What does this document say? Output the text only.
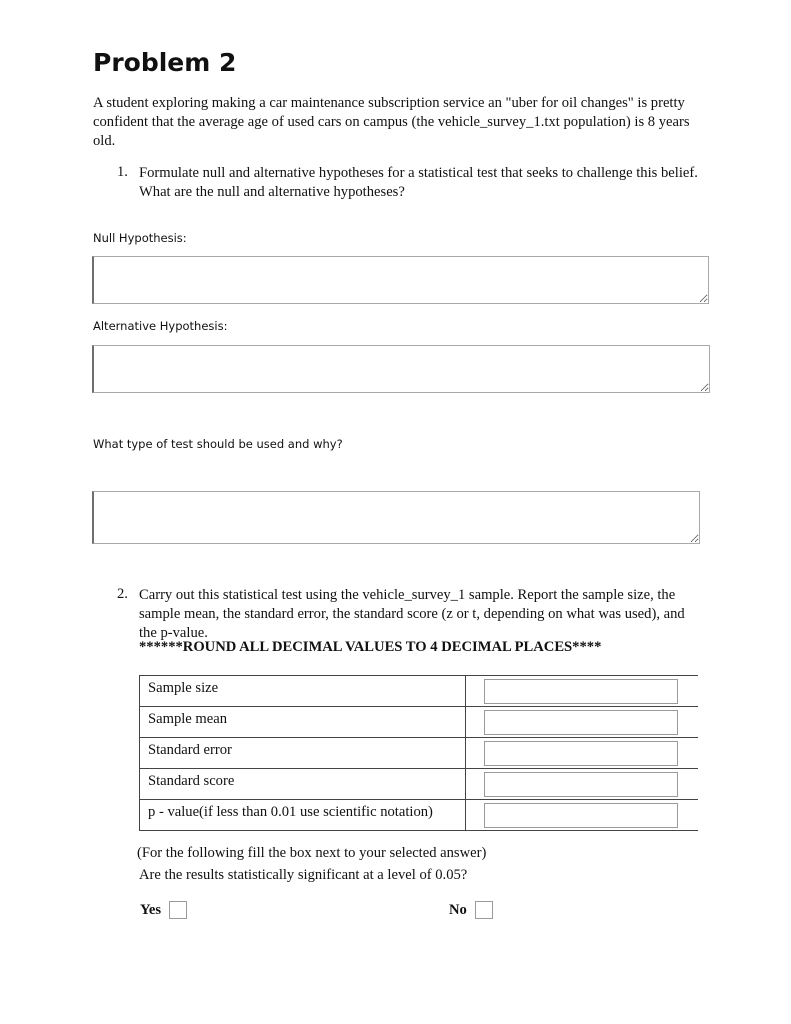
Problem 2

A student exploring making a car maintenance subscription service an "uber for oil changes" is pretty confident that the average age of used cars on campus (the vehicle_survey_1.txt population) is 8 years old.

1. Formulate null and alternative hypotheses for a statistical test that seeks to challenge this belief. What are the null and alternative hypotheses?

Null Hypothesis:

Alternative Hypothesis:

What type of test should be used and why?

2. Carry out this statistical test using the vehicle_survey_1 sample. Report the sample size, the sample mean, the standard error, the standard score (z or t, depending on what was used), and the p-value.

******ROUND ALL DECIMAL VALUES TO 4 DECIMAL PLACES****
Sample size	

Sample mean	

Standard error	

Standard score	

p - value(if less than 0.01 use scientific notation)	

(For the following fill the box next to your selected answer)

Are the results statistically significant at a level of 0.05?

Yes	No
